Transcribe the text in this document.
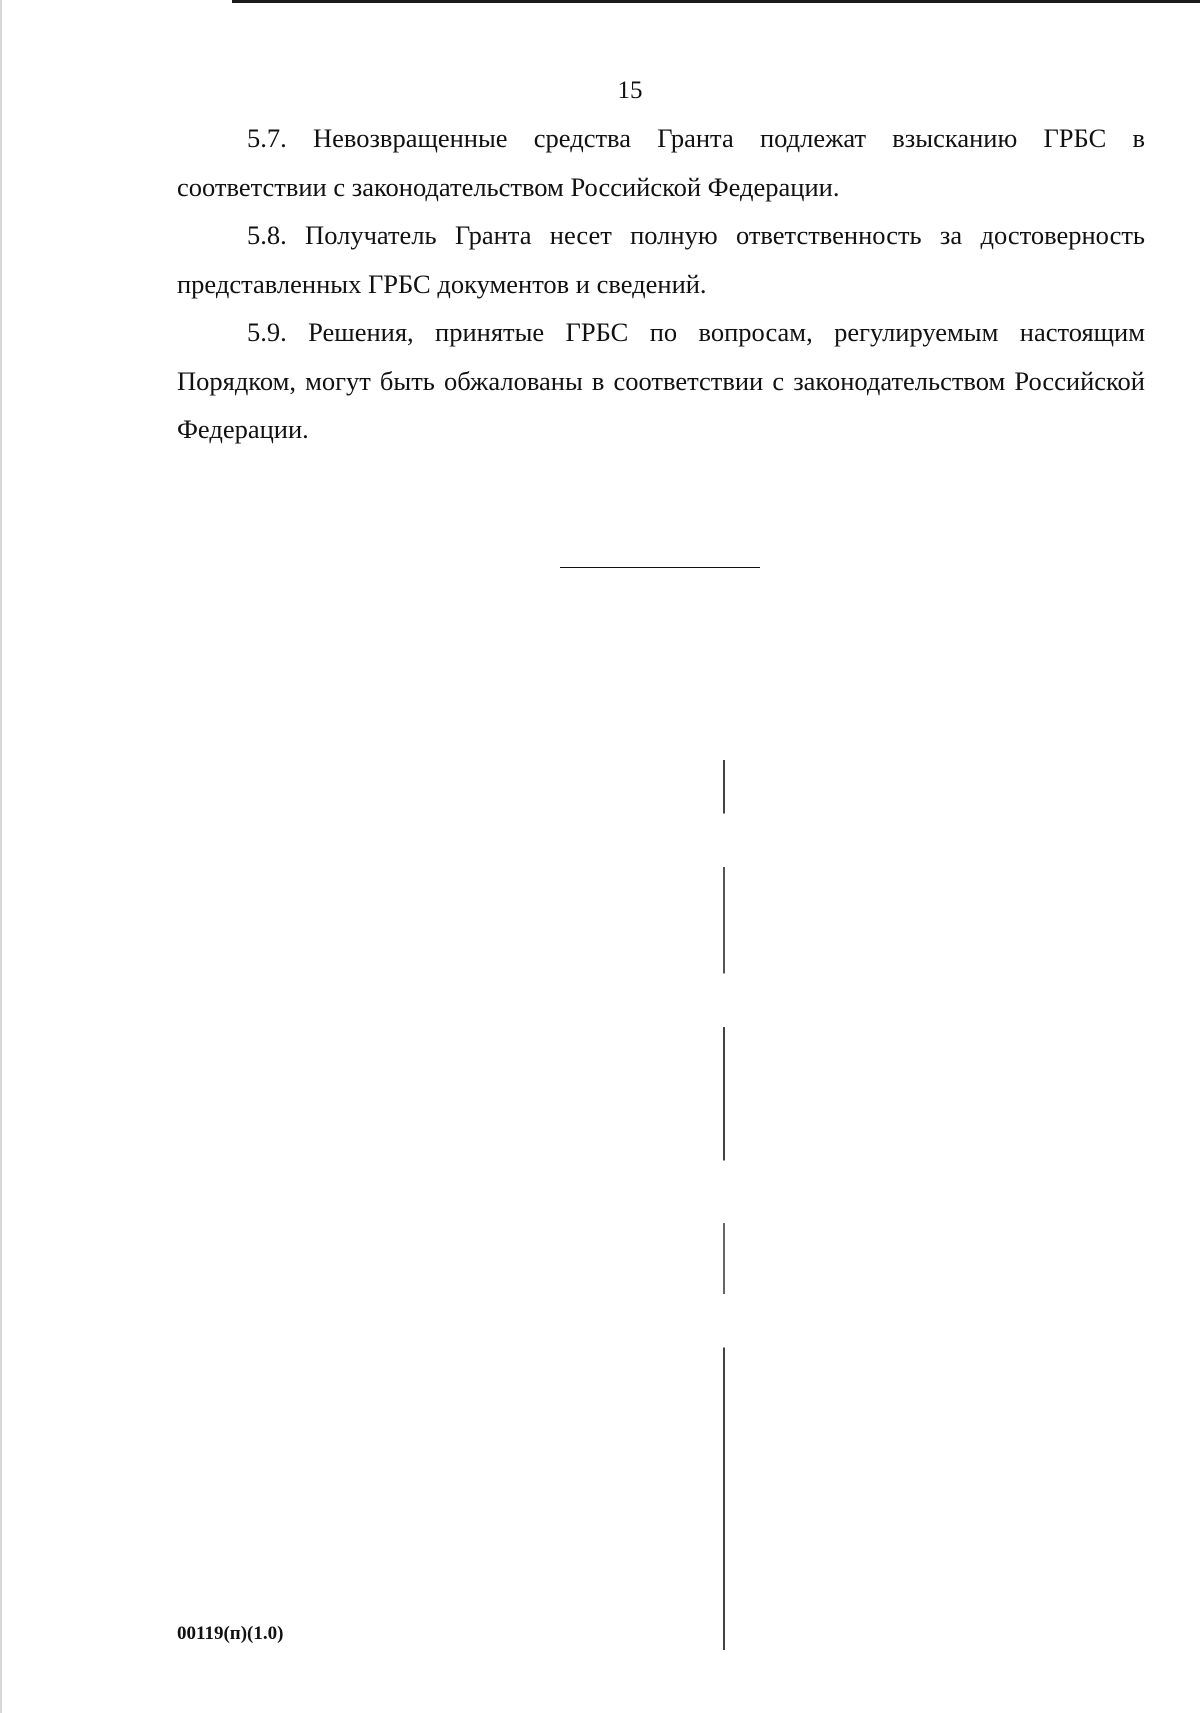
15

5.7. Невозвращенные средства Гранта подлежат взысканию ГРБС в соответствии с законодательством Российской Федерации.

5.8. Получатель Гранта несет полную ответственность за достоверность представленных ГРБС документов и сведений.

5.9. Решения, принятые ГРБС по вопросам, регулируемым настоящим Порядком, могут быть обжалованы в соответствии с законодательством Российской Федерации.

00119(п)(1.0)
